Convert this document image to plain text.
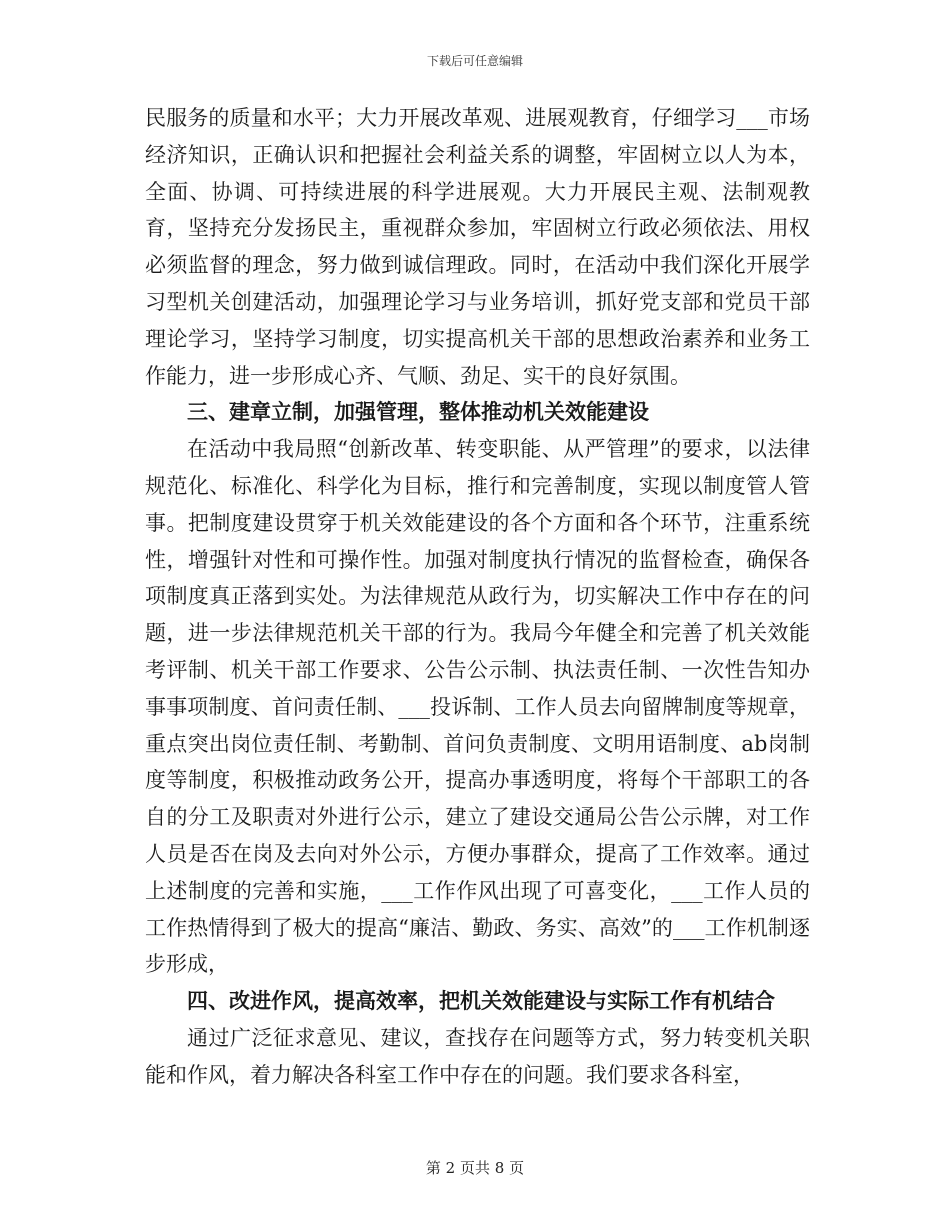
下载后可任意编辑

民服务的质量和水平；大力开展改革观、进展观教育，仔细学习___市场经济知识，正确认识和把握社会利益关系的调整，牢固树立以人为本，全面、协调、可持续进展的科学进展观。大力开展民主观、法制观教育，坚持充分发扬民主，重视群众参加，牢固树立行政必须依法、用权必须监督的理念，努力做到诚信理政。同时，在活动中我们深化开展学习型机关创建活动，加强理论学习与业务培训，抓好党支部和党员干部理论学习，坚持学习制度，切实提高机关干部的思想政治素养和业务工作能力，进一步形成心齐、气顺、劲足、实干的良好氛围。

三、建章立制，加强管理，整体推动机关效能建设

在活动中我局照“创新改革、转变职能、从严管理”的要求，以法律规范化、标准化、科学化为目标，推行和完善制度，实现以制度管人管事。把制度建设贯穿于机关效能建设的各个方面和各个环节，注重系统性，增强针对性和可操作性。加强对制度执行情况的监督检查，确保各项制度真正落到实处。为法律规范从政行为，切实解决工作中存在的问题，进一步法律规范机关干部的行为。我局今年健全和完善了机关效能考评制、机关干部工作要求、公告公示制、执法责任制、一次性告知办事事项制度、首问责任制、___投诉制、工作人员去向留牌制度等规章，重点突出岗位责任制、考勤制、首问负责制度、文明用语制度、ab岗制度等制度，积极推动政务公开，提高办事透明度，将每个干部职工的各自的分工及职责对外进行公示，建立了建设交通局公告公示牌，对工作人员是否在岗及去向对外公示，方便办事群众，提高了工作效率。通过上述制度的完善和实施，___工作作风出现了可喜变化，___工作人员的工作热情得到了极大的提高“廉洁、勤政、务实、高效”的___工作机制逐步形成，

四、改进作风，提高效率，把机关效能建设与实际工作有机结合

通过广泛征求意见、建议，查找存在问题等方式，努力转变机关职能和作风，着力解决各科室工作中存在的问题。我们要求各科室，

第 2 页共 8 页
